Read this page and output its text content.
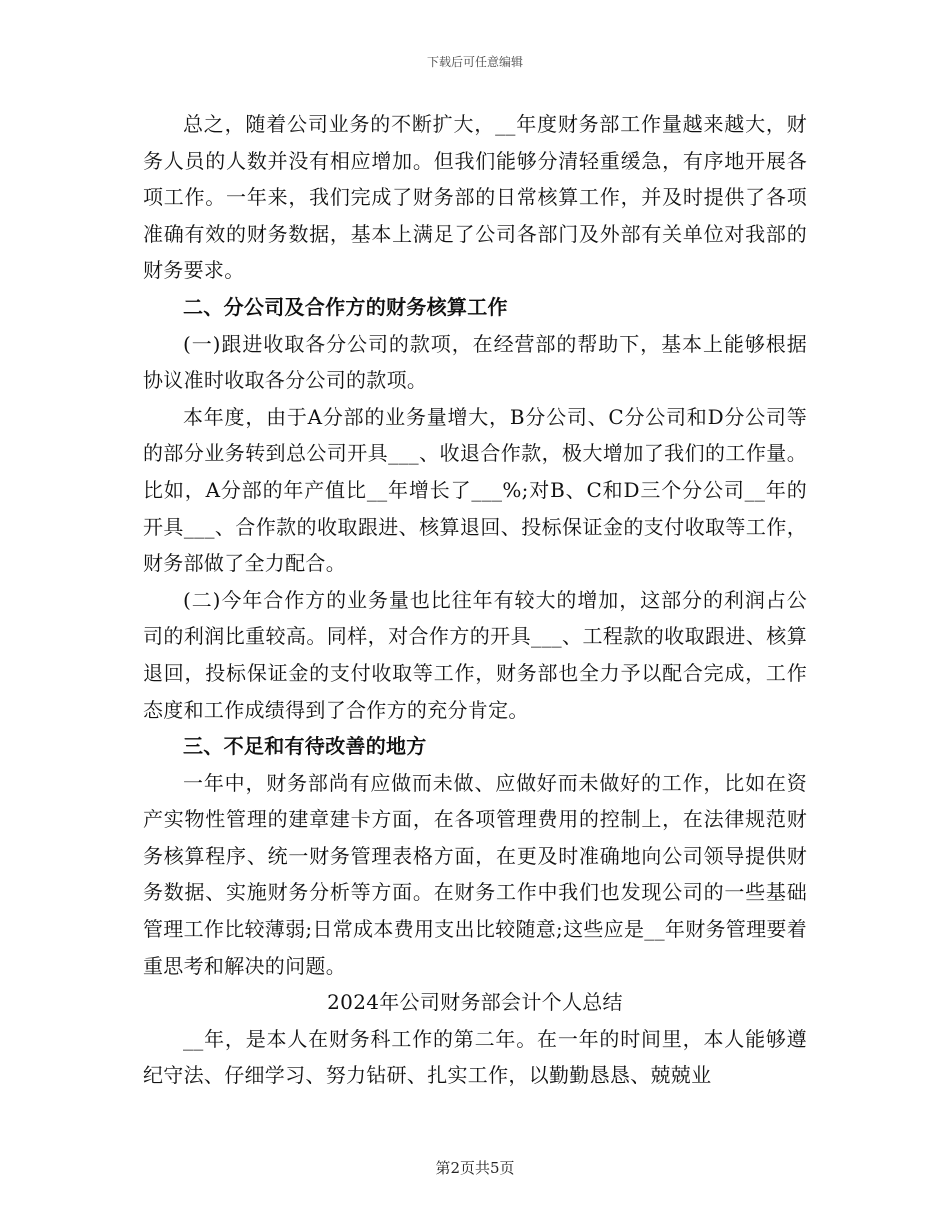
下载后可任意编辑

总之，随着公司业务的不断扩大，__年度财务部工作量越来越大，财务人员的人数并没有相应增加。但我们能够分清轻重缓急，有序地开展各项工作。一年来，我们完成了财务部的日常核算工作，并及时提供了各项准确有效的财务数据，基本上满足了公司各部门及外部有关单位对我部的财务要求。

二、分公司及合作方的财务核算工作

(一)跟进收取各分公司的款项，在经营部的帮助下，基本上能够根据协议准时收取各分公司的款项。

本年度，由于A分部的业务量增大，B分公司、C分公司和D分公司等的部分业务转到总公司开具___、收退合作款，极大增加了我们的工作量。比如，A分部的年产值比__年增长了___%;对B、C和D三个分公司__年的开具___、合作款的收取跟进、核算退回、投标保证金的支付收取等工作，财务部做了全力配合。

(二)今年合作方的业务量也比往年有较大的增加，这部分的利润占公司的利润比重较高。同样，对合作方的开具___、工程款的收取跟进、核算退回，投标保证金的支付收取等工作，财务部也全力予以配合完成，工作态度和工作成绩得到了合作方的充分肯定。

三、不足和有待改善的地方

一年中，财务部尚有应做而未做、应做好而未做好的工作，比如在资产实物性管理的建章建卡方面，在各项管理费用的控制上，在法律规范财务核算程序、统一财务管理表格方面，在更及时准确地向公司领导提供财务数据、实施财务分析等方面。在财务工作中我们也发现公司的一些基础管理工作比较薄弱;日常成本费用支出比较随意;这些应是__年财务管理要着重思考和解决的问题。

2024年公司财务部会计个人总结

__年，是本人在财务科工作的第二年。在一年的时间里，本人能够遵纪守法、仔细学习、努力钻研、扎实工作，以勤勤恳恳、兢兢业

第2页共5页
